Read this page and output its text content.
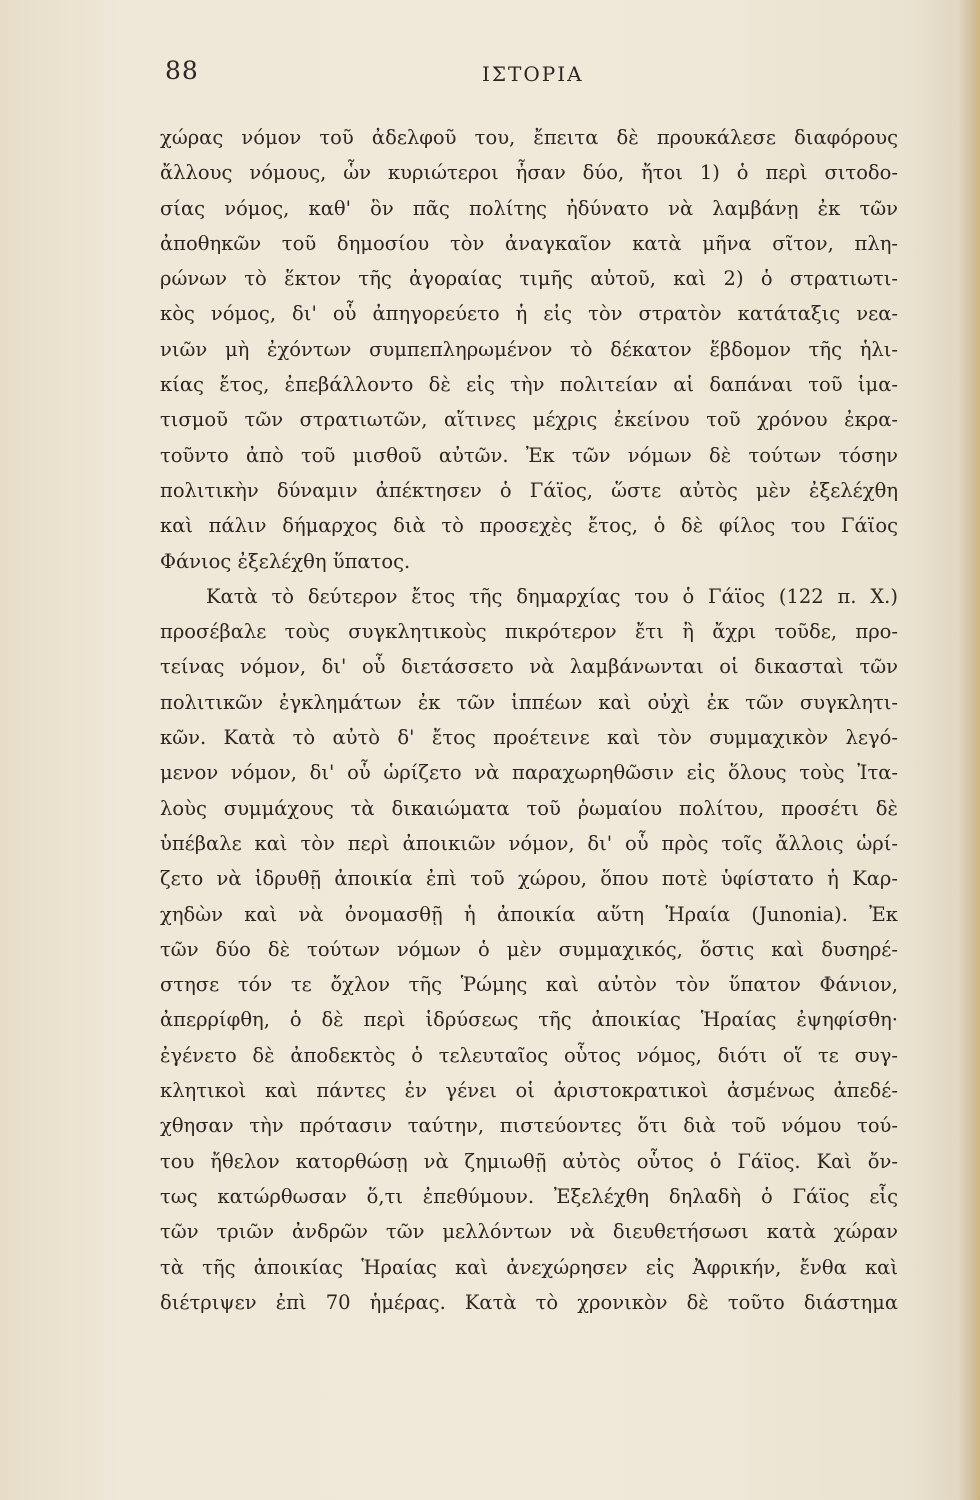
88	ΙΣΤΟΡΙΑ
χώρας νόμον τοῦ ἀδελφοῦ του, ἔπειτα δὲ προυκάλεσε διαφόρους
ἄλλους νόμους, ὧν κυριώτεροι ἦσαν δύο, ἤτοι 1) ὁ περὶ σιτοδο-
σίας νόμος, καθ' ὃν πᾶς πολίτης ἠδύνατο νὰ λαμβάνῃ ἐκ τῶν
ἀποθηκῶν τοῦ δημοσίου τὸν ἀναγκαῖον κατὰ μῆνα σῖτον, πλη-
ρώνων τὸ ἕκτον τῆς ἀγοραίας τιμῆς αὐτοῦ, καὶ 2) ὁ στρατιωτι-
κὸς νόμος, δι' οὗ ἀπηγορεύετο ἡ εἰς τὸν στρατὸν κατάταξις νεα-
νιῶν μὴ ἐχόντων συμπεπληρωμένον τὸ δέκατον ἕβδομον τῆς ἡλι-
κίας ἔτος, ἐπεβάλλοντο δὲ εἰς τὴν πολιτείαν αἱ δαπάναι τοῦ ἱμα-
τισμοῦ τῶν στρατιωτῶν, αἵτινες μέχρις ἐκείνου τοῦ χρόνου ἐκρα-
τοῦντο ἀπὸ τοῦ μισθοῦ αὐτῶν. Ἐκ τῶν νόμων δὲ τούτων τόσην
πολιτικὴν δύναμιν ἀπέκτησεν ὁ Γάϊος, ὥστε αὐτὸς μὲν ἐξελέχθη
καὶ πάλιν δήμαρχος διὰ τὸ προσεχὲς ἔτος, ὁ δὲ φίλος του Γάϊος
Φάνιος ἐξελέχθη ὕπατος.
Κατὰ τὸ δεύτερον ἔτος τῆς δημαρχίας του ὁ Γάϊος (122 π. Χ.)
προσέβαλε τοὺς συγκλητικοὺς πικρότερον ἔτι ἢ ἄχρι τοῦδε, προ-
τείνας νόμον, δι' οὗ διετάσσετο νὰ λαμβάνωνται οἱ δικασταὶ τῶν
πολιτικῶν ἐγκλημάτων ἐκ τῶν ἱππέων καὶ οὐχὶ ἐκ τῶν συγκλητι-
κῶν. Κατὰ τὸ αὐτὸ δ' ἔτος προέτεινε καὶ τὸν συμμαχικὸν λεγό-
μενον νόμον, δι' οὗ ὡρίζετο νὰ παραχωρηθῶσιν εἰς ὅλους τοὺς Ἰτα-
λοὺς συμμάχους τὰ δικαιώματα τοῦ ῥωμαίου πολίτου, προσέτι δὲ
ὑπέβαλε καὶ τὸν περὶ ἀποικιῶν νόμον, δι' οὗ πρὸς τοῖς ἄλλοις ὡρί-
ζετο νὰ ἱδρυθῇ ἀποικία ἐπὶ τοῦ χώρου, ὅπου ποτὲ ὑφίστατο ἡ Καρ-
χηδὼν καὶ νὰ ὀνομασθῇ ἡ ἀποικία αὕτη Ἡραία (Junonia). Ἐκ
τῶν δύο δὲ τούτων νόμων ὁ μὲν συμμαχικός, ὅστις καὶ δυσηρέ-
στησε τόν τε ὄχλον τῆς Ῥώμης καὶ αὐτὸν τὸν ὕπατον Φάνιον,
ἀπερρίφθη, ὁ δὲ περὶ ἱδρύσεως τῆς ἀποικίας Ἡραίας ἐψηφίσθη·
ἐγένετο δὲ ἀποδεκτὸς ὁ τελευταῖος οὗτος νόμος, διότι οἵ τε συγ-
κλητικοὶ καὶ πάντες ἐν γένει οἱ ἀριστοκρατικοὶ ἀσμένως ἀπεδέ-
χθησαν τὴν πρότασιν ταύτην, πιστεύοντες ὅτι διὰ τοῦ νόμου τού-
του ἤθελον κατορθώσῃ νὰ ζημιωθῇ αὐτὸς οὗτος ὁ Γάϊος. Καὶ ὄν-
τως κατώρθωσαν ὅ,τι ἐπεθύμουν. Ἐξελέχθη δηλαδὴ ὁ Γάϊος εἷς
τῶν τριῶν ἀνδρῶν τῶν μελλόντων νὰ διευθετήσωσι κατὰ χώραν
τὰ τῆς ἀποικίας Ἡραίας καὶ ἀνεχώρησεν εἰς Ἀφρικήν, ἔνθα καὶ
διέτριψεν ἐπὶ 70 ἡμέρας. Κατὰ τὸ χρονικὸν δὲ τοῦτο διάστημα
